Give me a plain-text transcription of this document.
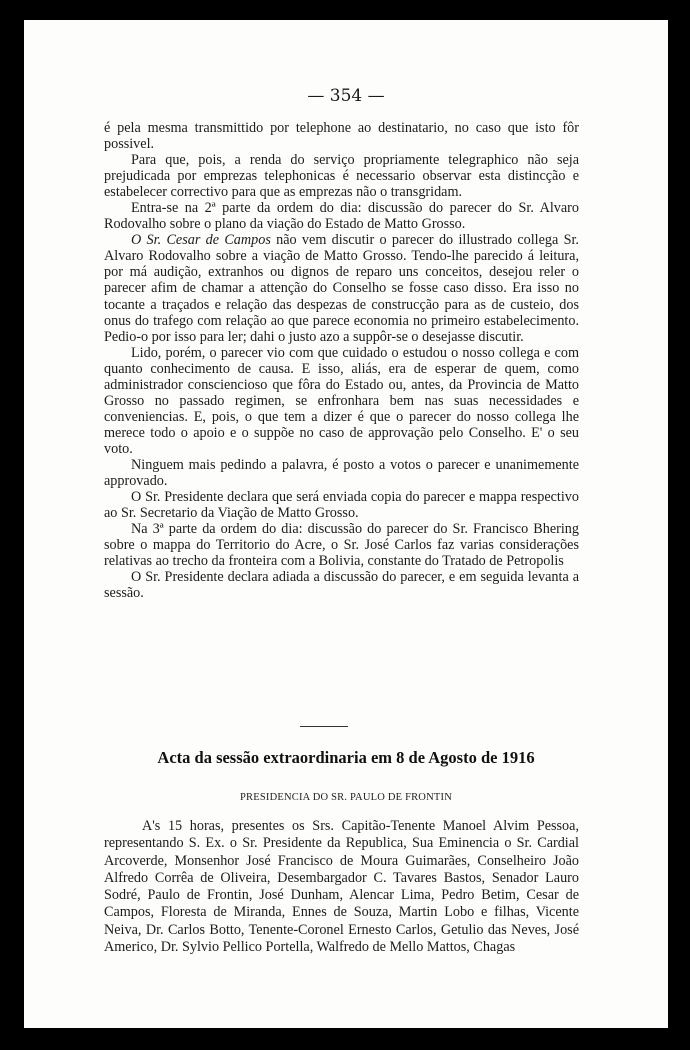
— 354 —

é pela mesma transmittido por telephone ao destinatario, no caso que isto fôr possivel.

Para que, pois, a renda do serviço propriamente telegraphico não seja prejudicada por emprezas telephonicas é necessario observar esta distincção e estabelecer correctivo para que as emprezas não o transgridam.

Entra-se na 2ª parte da ordem do dia: discussão do parecer do Sr. Alvaro Rodovalho sobre o plano da viação do Estado de Matto Grosso.

O Sr. Cesar de Campos não vem discutir o parecer do illustrado collega Sr. Alvaro Rodovalho sobre a viação de Matto Grosso. Tendo-lhe parecido á leitura, por má audição, extranhos ou dignos de reparo uns conceitos, desejou reler o parecer afim de chamar a attenção do Conselho se fosse caso disso. Era isso no tocante a traçados e relação das despezas de construcção para as de custeio, dos onus do trafego com relação ao que parece economia no primeiro estabelecimento. Pedio-o por isso para ler; dahi o justo azo a suppôr-se o desejasse discutir.

Lido, porém, o parecer vio com que cuidado o estudou o nosso collega e com quanto conhecimento de causa. E isso, aliás, era de esperar de quem, como administrador consciencioso que fôra do Estado ou, antes, da Provincia de Matto Grosso no passado regimen, se enfronhara bem nas suas necessidades e conveniencias. E, pois, o que tem a dizer é que o parecer do nosso collega lhe merece todo o apoio e o suppõe no caso de approvação pelo Conselho. E' o seu voto.

Ninguem mais pedindo a palavra, é posto a votos o parecer e unanimemente approvado.

O Sr. Presidente declara que será enviada copia do parecer e mappa respectivo ao Sr. Secretario da Viação de Matto Grosso.

Na 3ª parte da ordem do dia: discussão do parecer do Sr. Francisco Bhering sobre o mappa do Territorio do Acre, o Sr. José Carlos faz varias considerações relativas ao trecho da fronteira com a Bolivia, constante do Tratado de Petropolis

O Sr. Presidente declara adiada a discussão do parecer, e em seguida levanta a sessão.

Acta da sessão extraordinaria em 8 de Agosto de 1916
PRESIDENCIA DO SR. PAULO DE FRONTIN

A's 15 horas, presentes os Srs. Capitão-Tenente Manoel Alvim Pessoa, representando S. Ex. o Sr. Presidente da Republica, Sua Eminencia o Sr. Cardial Arcoverde, Monsenhor José Francisco de Moura Guimarães, Conselheiro João Alfredo Corrêa de Oliveira, Desembargador C. Tavares Bastos, Senador Lauro Sodré, Paulo de Frontin, José Dunham, Alencar Lima, Pedro Betim, Cesar de Campos, Floresta de Miranda, Ennes de Souza, Martin Lobo e filhas, Vicente Neiva, Dr. Carlos Botto, Tenente-Coronel Ernesto Carlos, Getulio das Neves, José Americo, Dr. Sylvio Pellico Portella, Walfredo de Mello Mattos, Chagas
